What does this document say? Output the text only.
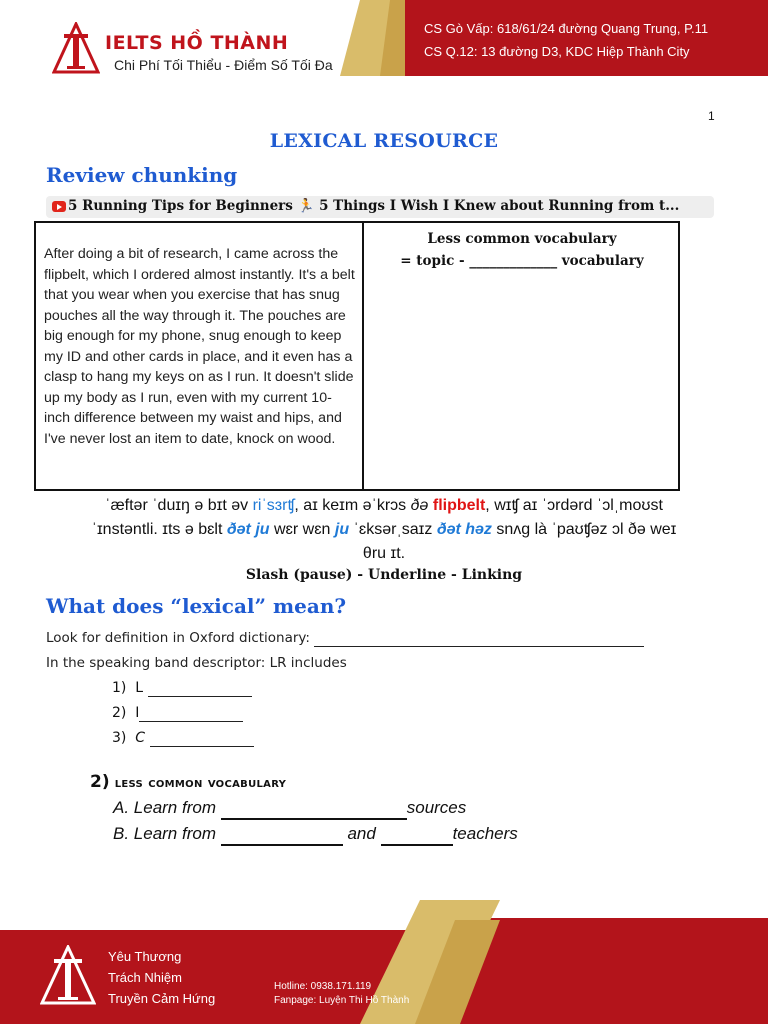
IELTS HỒ THÀNH
Chi Phí Tối Thiểu - Điểm Số Tối Đa
CS Gò Vấp: 618/61/24 đường Quang Trung, P.11
CS Q.12: 13 đường D3, KDC Hiệp Thành City
1
LEXICAL RESOURCE
Review chunking
5 Running Tips for Beginners 🏃 5 Things I Wish I Knew about Running from t...
After doing a bit of research, I came across the flipbelt, which I ordered almost instantly. It's a belt that you wear when you exercise that has snug pouches all the way through it. The pouches are big enough for my phone, snug enough to keep my ID and other cards in place, and it even has a clasp to hang my keys on as I run. It doesn't slide up my body as I run, even with my current 10-inch difference between my waist and hips, and I've never lost an item to date, knock on wood.
Less common vocabulary
= topic - _____________ vocabulary
ˈæftər ˈduɪŋ ə bɪt əv riˈsɜrʧ, aɪ keɪm əˈkrɔs ðə flipbelt, wɪʧ aɪ ˈɔrdərd ˈɔlˌmoʊst
ˈɪnstəntli. ɪts ə bɛlt ðət ju wɛr wɛn ju ˈɛksərˌsaɪz ðət həz snʌg là ˈpaʊʧəz ɔl ðə weɪ
θru ɪt.
Slash (pause) - Underline - Linking
What does “lexical” mean?
Look for definition in Oxford dictionary:
In the speaking band descriptor: LR includes
1) L
2) I
3) C
2) less common vocabulary
A. Learn from	sources
B. Learn from	and	teachers
Yêu Thương
Trách Nhiệm
Truyền Cảm Hứng
Hotline: 0938.171.119
Fanpage: Luyện Thi Hồ Thành
